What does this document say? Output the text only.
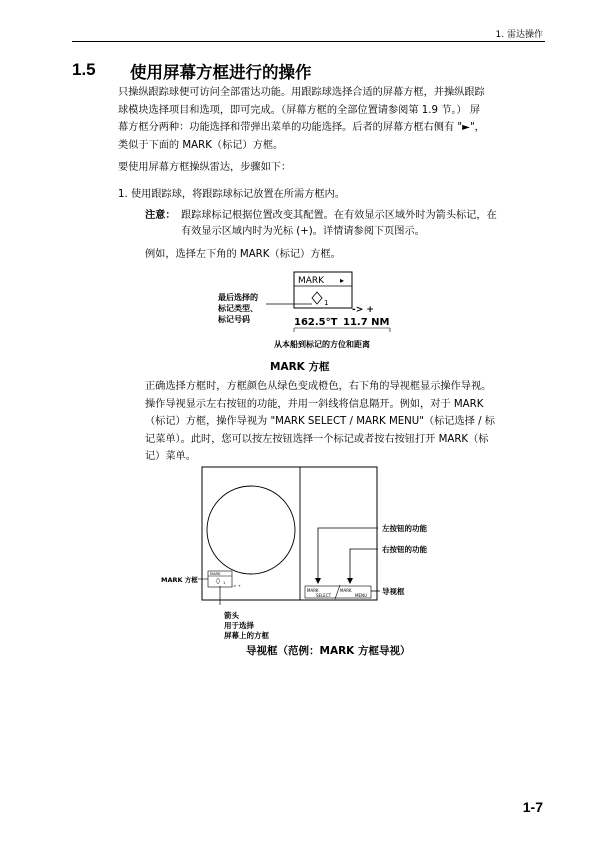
1. 雷达操作
1.5 使用屏幕方框进行的操作
只操纵跟踪球便可访问全部雷达功能。用跟踪球选择合适的屏幕方框，并操纵跟踪
球模块选择项目和选项，即可完成。（屏幕方框的全部位置请参阅第 1.9 节。） 屏
幕方框分两种：功能选择和带弹出菜单的功能选择。后者的屏幕方框右侧有 "►"，
类似于下面的 MARK（标记）方框。
要使用屏幕方框操纵雷达，步骤如下：
1. 使用跟踪球，将跟踪球标记放置在所需方框内。
注意： 跟踪球标记根据位置改变其配置。在有效显示区域外时为箭头标记，在
有效显示区域内时为光标 (+)。详情请参阅下页图示。
例如，选择左下角的 MARK（标记）方框。
MARK ▸
1
-> +
162.5°T 11.7 NM
最后选择的
标记类型、
标记号码
从本船到标记的方位和距离
MARK 方框
正确选择方框时，方框颜色从绿色变成橙色，右下角的导视框显示操作导视。
操作导视显示左右按钮的功能，并用一斜线将信息隔开。例如，对于 MARK
（标记）方框，操作导视为 "MARK SELECT / MARK MENU"（标记选择 / 标
记菜单）。此时，您可以按左按钮选择一个标记或者按右按钮打开 MARK（标
记）菜单。
MARK
1 -> +
MARK 方框
MARK
SELECT
MARK
MENU
左按钮的功能
右按钮的功能
导视框
箭头
用于选择
屏幕上的方框
导视框（范例：MARK 方框导视）
1-7
